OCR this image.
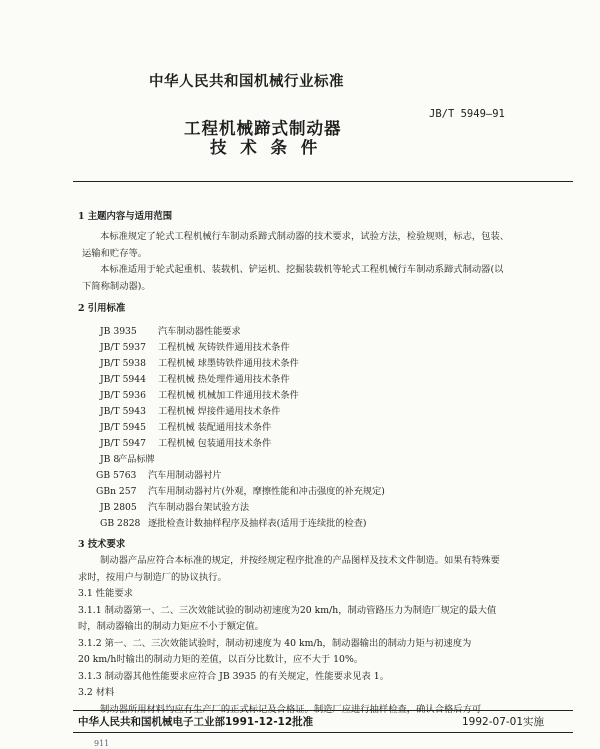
中华人民共和国机械行业标准
JB/T 5949—91
工程机械蹄式制动器
技 术 条 件
1 主题内容与适用范围
本标准规定了轮式工程机械行车制动系蹄式制动器的技术要求，试验方法，检验规则，标志，包装、
运输和贮存等。
本标准适用于轮式起重机、装载机、铲运机、挖掘装载机等轮式工程机械行车制动系蹄式制动器(以
下简称制动器)。
2 引用标准
JB 3935 汽车制动器性能要求
JB/T 5937 工程机械 灰铸铁件通用技术条件
JB/T 5938 工程机械 球墨铸铁件通用技术条件
JB/T 5944 工程机械 热处理件通用技术条件
JB/T 5936 工程机械 机械加工件通用技术条件
JB/T 5943 工程机械 焊接件通用技术条件
JB/T 5945 工程机械 装配通用技术条件
JB/T 5947 工程机械 包装通用技术条件
JB 8产品标牌
GB 5763 汽车用制动器衬片
GBn 257 汽车用制动器衬片(外观，摩擦性能和冲击强度的补充规定)
JB 2805 汽车制动器台架试验方法
GB 2828 逐批检查计数抽样程序及抽样表(适用于连续批的检查)
3 技术要求
制动器产品应符合本标准的规定，并按经规定程序批准的产品图样及技术文件制造。如果有特殊要
求时，按用户与制造厂的协议执行。
3.1 性能要求
3.1.1 制动器第一、二、三次效能试验的制动初速度为20 km/h，制动管路压力为制造厂规定的最大值
时，制动器输出的制动力矩应不小于额定值。
3.1.2 第一、二、三次效能试验时，制动初速度为 40 km/h，制动器输出的制动力矩与初速度为
20 km/h时输出的制动力矩的差值，以百分比数计，应不大于 10%。
3.1.3 制动器其他性能要求应符合 JB 3935 的有关规定，性能要求见表 1。
3.2 材料
制动器所用材料均应有生产厂的正式标记及合格证。制造厂应进行抽样检查，确认合格后方可
中华人民共和国机械电子工业部1991-12-12批准	1992-07-01实施
911
